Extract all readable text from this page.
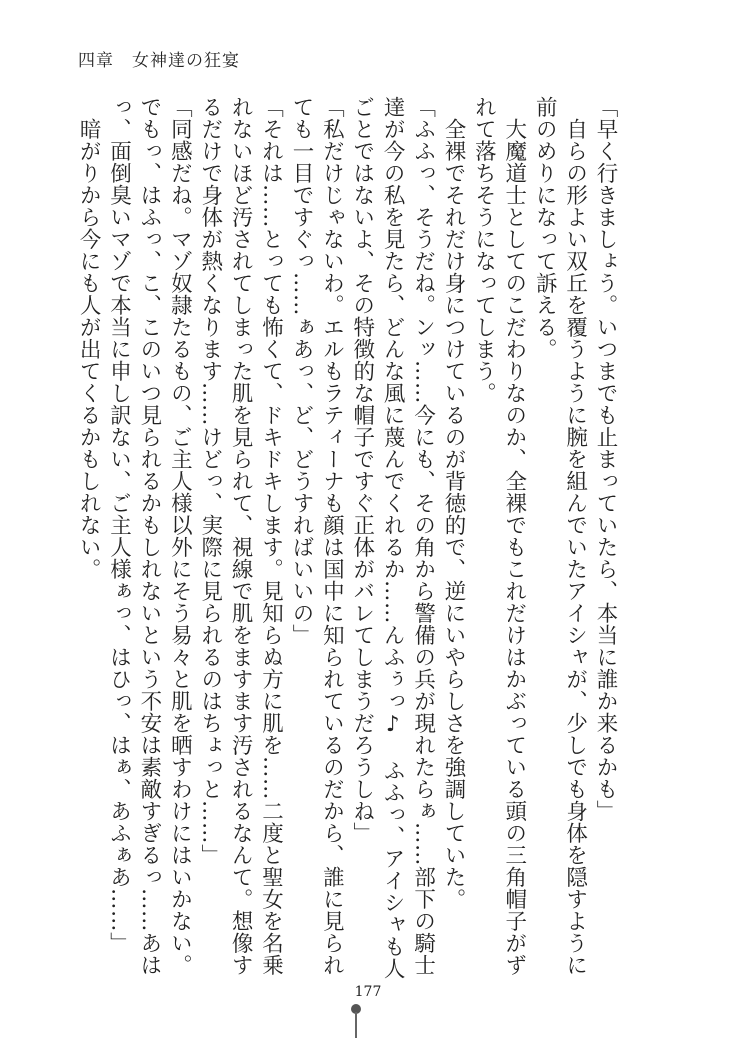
四章　女神達の狂宴
「早く行きましょう。いつまでも止まっていたら、本当に誰か来るかも」
　自らの形よい双丘を覆うように腕を組んでいたアイシャが、少しでも身体を隠すように
前のめりになって訴える。
　大魔道士としてのこだわりなのか、全裸でもこれだけはかぶっている頭の三角帽子がず
れて落ちそうになってしまう。
　全裸でそれだけ身につけているのが背徳的で、逆にいやらしさを強調していた。
「ふふっ、そうだね。ンッ……今にも、その角から警備の兵が現れたらぁ……部下の騎士
達が今の私を見たら、どんな風に蔑んでくれるか……んふぅっ♪　ふふっ、アイシャも人
ごとではないよ、その特徴的な帽子ですぐ正体がバレてしまうだろうしね」
「私だけじゃないわ。エルもラティーナも顔は国中に知られているのだから、誰に見られ
ても一目ですぐっ……ぁあっ、ど、どうすればいいの」
「それは……とっても怖くて、ドキドキします。見知らぬ方に肌を……二度と聖女を名乗
れないほど汚されてしまった肌を見られて、視線で肌をますます汚されるなんて。想像す
るだけで身体が熱くなります……けどっ、実際に見られるのはちょっと……」
「同感だね。マゾ奴隷たるもの、ご主人様以外にそう易々と肌を晒すわけにはいかない。
でもっ、はふっ、こ、このいつ見られるかもしれないという不安は素敵すぎるっ……あは
っ、面倒臭いマゾで本当に申し訳ない、ご主人様ぁっ、はひっ、はぁ、あふぁあ……」
　暗がりから今にも人が出てくるかもしれない。
177
